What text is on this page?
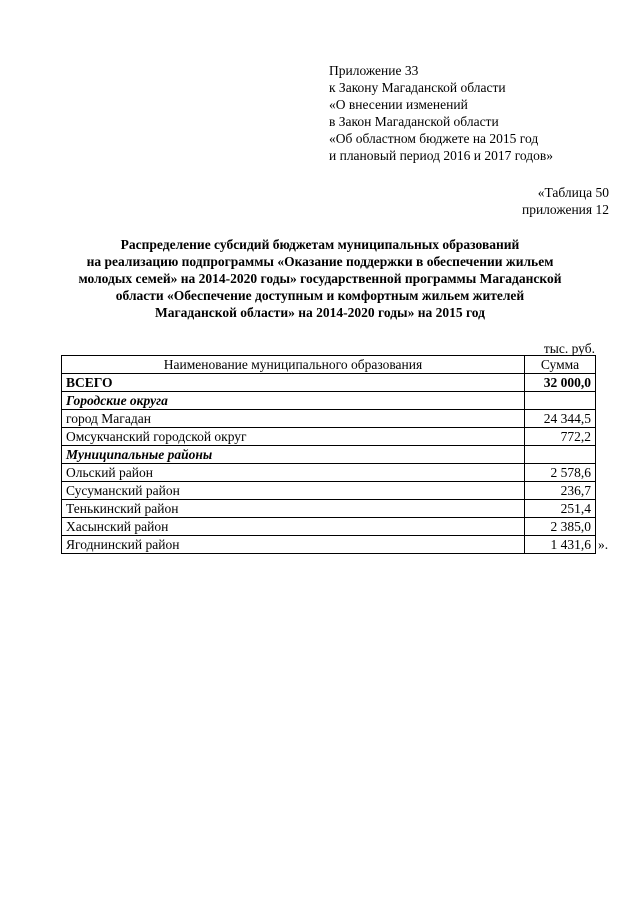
Приложение 33
к Закону Магаданской области
«О внесении изменений
в Закон Магаданской области
«Об областном бюджете на 2015 год
и плановый период 2016 и 2017 годов»
«Таблица 50
приложения 12
Распределение субсидий бюджетам муниципальных образований
на реализацию подпрограммы «Оказание поддержки в обеспечении жильем
молодых семей» на 2014-2020 годы» государственной программы Магаданской
области «Обеспечение доступным и комфортным жильем жителей
Магаданской области» на 2014-2020 годы» на 2015 год
тыс. руб.
Наименование муниципального образования	Сумма
ВСЕГО	32 000,0
Городские округа	
город Магадан	24 344,5
Омсукчанский городской округ	772,2
Муниципальные районы	
Ольский район	2 578,6
Сусуманский район	236,7
Тенькинский район	251,4
Хасынский район	2 385,0
Ягоднинский район	1 431,6 ».
